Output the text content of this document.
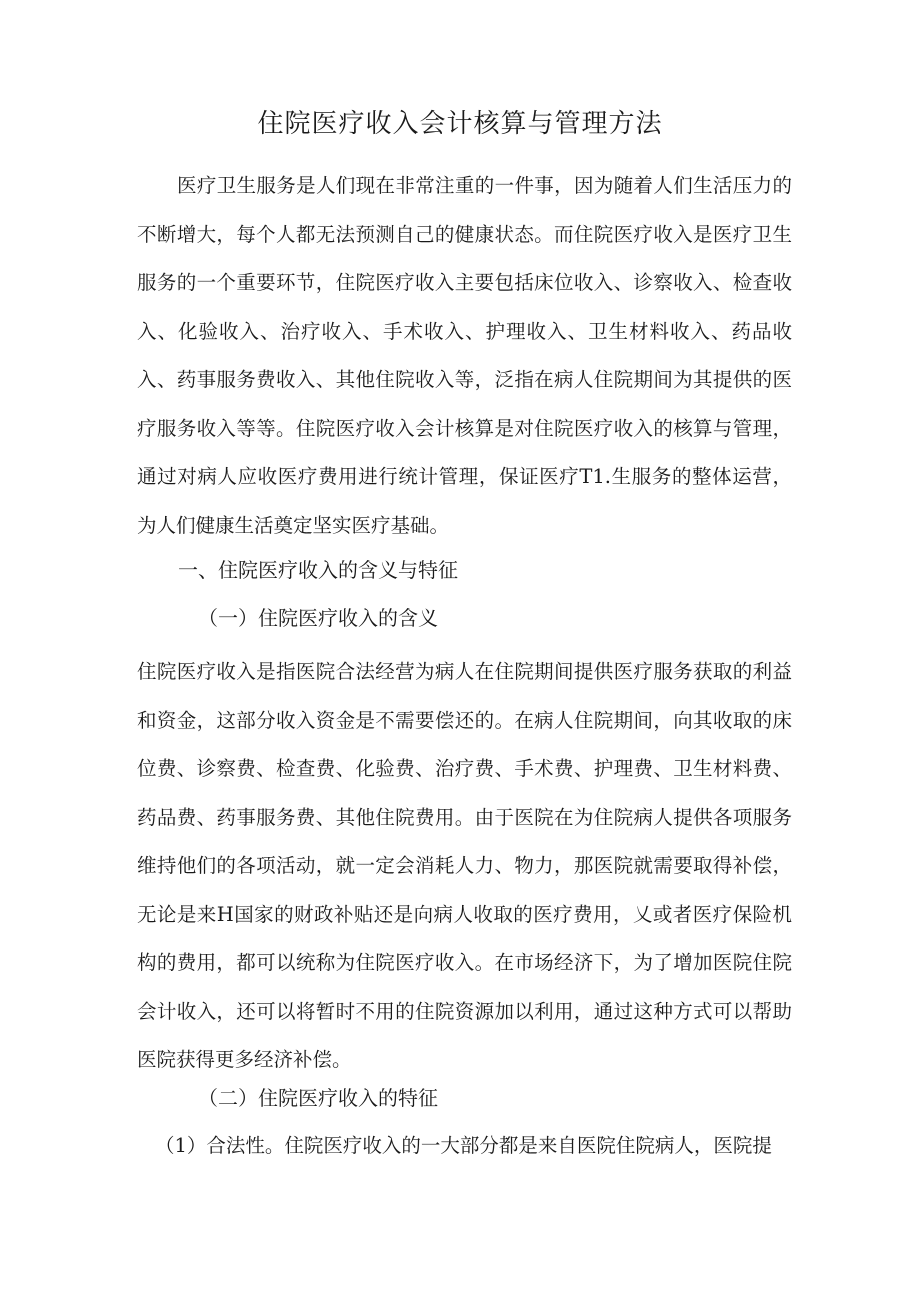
住院医疗收入会计核算与管理方法

医疗卫生服务是人们现在非常注重的一件事，因为随着人们生活压力的不断增大，每个人都无法预测自己的健康状态。而住院医疗收入是医疗卫生服务的一个重要环节，住院医疗收入主要包括床位收入、诊察收入、检查收入、化验收入、治疗收入、手术收入、护理收入、卫生材料收入、药品收入、药事服务费收入、其他住院收入等，泛指在病人住院期间为其提供的医疗服务收入等等。住院医疗收入会计核算是对住院医疗收入的核算与管理，通过对病人应收医疗费用进行统计管理，保证医疗T1.生服务的整体运营，为人们健康生活奠定坚实医疗基础。

一、住院医疗收入的含义与特征
（一）住院医疗收入的含义

住院医疗收入是指医院合法经营为病人在住院期间提供医疗服务获取的利益和资金，这部分收入资金是不需要偿还的。在病人住院期间，向其收取的床位费、诊察费、检查费、化验费、治疗费、手术费、护理费、卫生材料费、药品费、药事服务费、其他住院费用。由于医院在为住院病人提供各项服务维持他们的各项活动，就一定会消耗人力、物力，那医院就需要取得补偿，无论是来H国家的财政补贴还是向病人收取的医疗费用，乂或者医疗保险机构的费用，都可以统称为住院医疗收入。在市场经济下，为了增加医院住院会计收入，还可以将暂时不用的住院资源加以利用，通过这种方式可以帮助医院获得更多经济补偿。

（二）住院医疗收入的特征

（1）合法性。住院医疗收入的一大部分都是来自医院住院病人，医院提
